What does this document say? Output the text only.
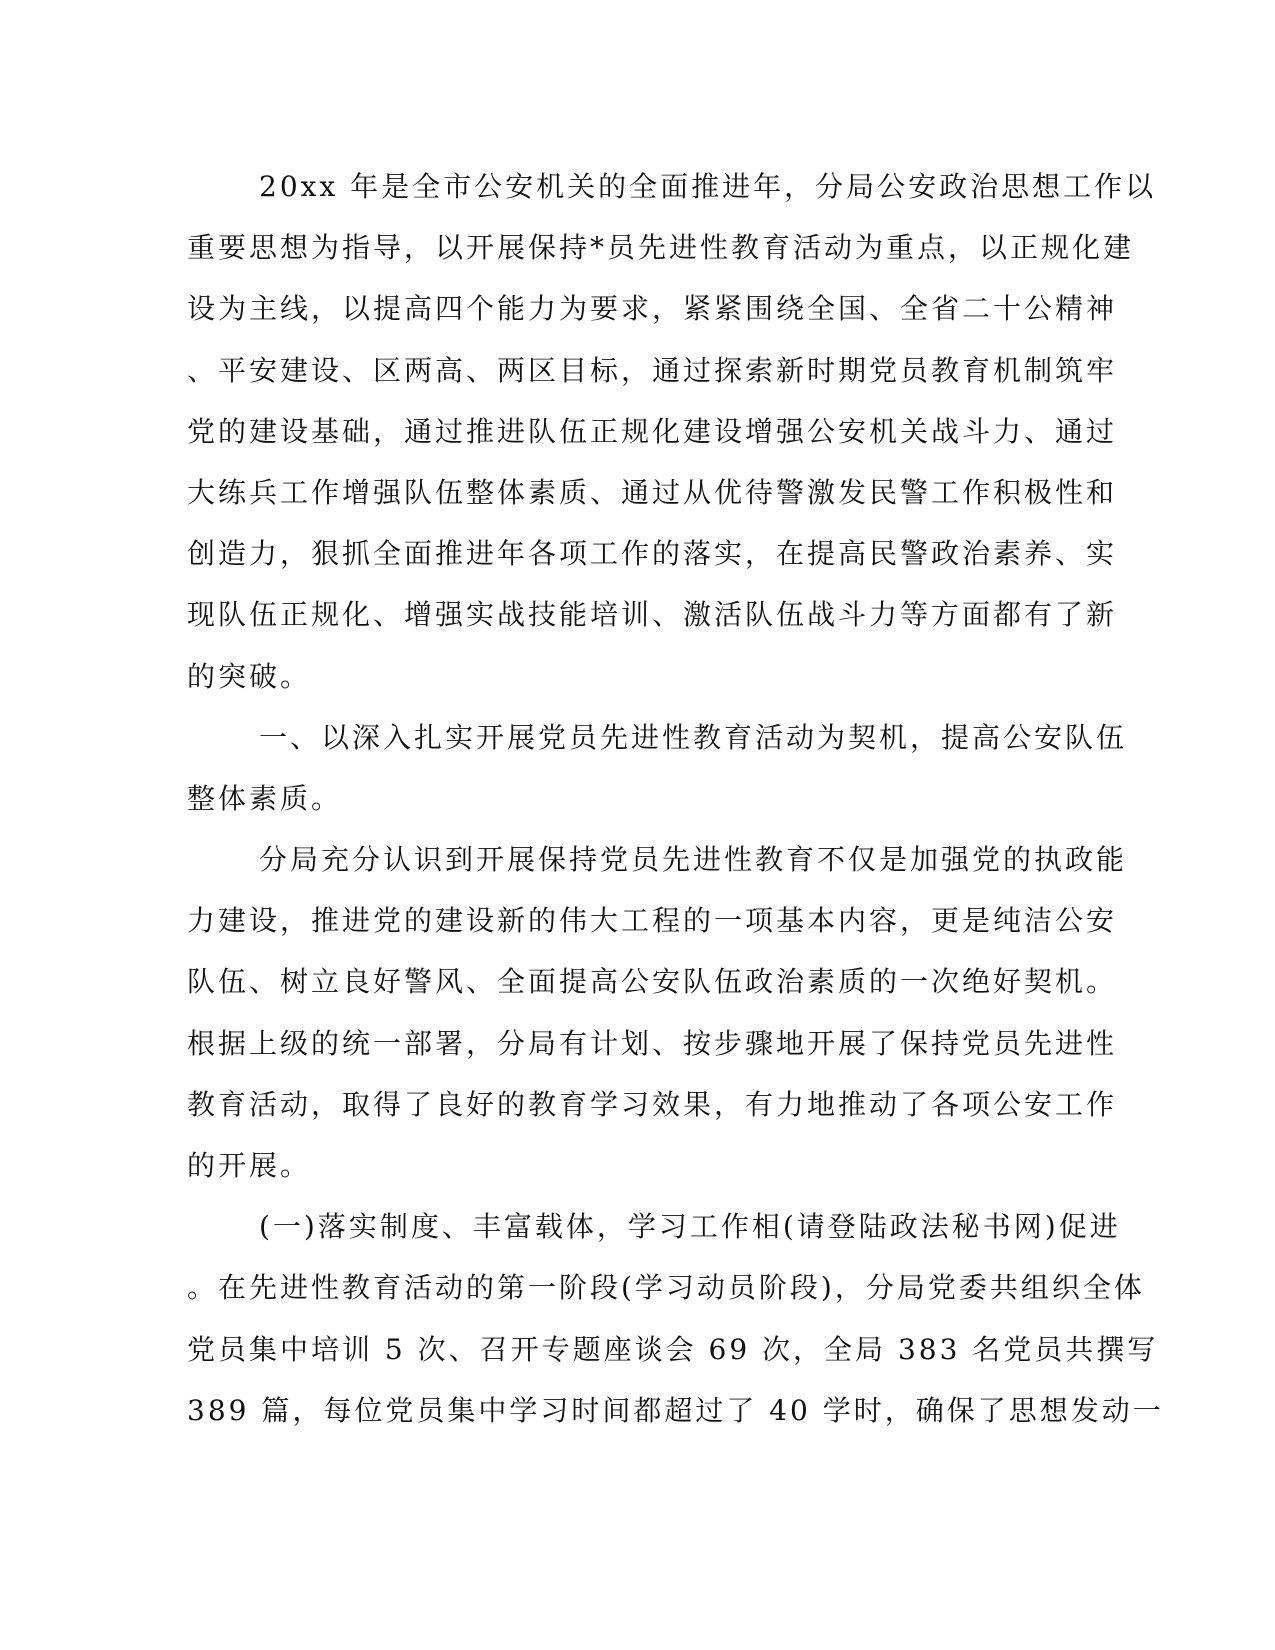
20xx 年是全市公安机关的全面推进年，分局公安政治思想工作以
重要思想为指导，以开展保持*员先进性教育活动为重点，以正规化建
设为主线，以提高四个能力为要求，紧紧围绕全国、全省二十公精神
、平安建设、区两高、两区目标，通过探索新时期党员教育机制筑牢
党的建设基础，通过推进队伍正规化建设增强公安机关战斗力、通过
大练兵工作增强队伍整体素质、通过从优待警激发民警工作积极性和
创造力，狠抓全面推进年各项工作的落实，在提高民警政治素养、实
现队伍正规化、增强实战技能培训、激活队伍战斗力等方面都有了新
的突破。
一、以深入扎实开展党员先进性教育活动为契机，提高公安队伍
整体素质。
分局充分认识到开展保持党员先进性教育不仅是加强党的执政能
力建设，推进党的建设新的伟大工程的一项基本内容，更是纯洁公安
队伍、树立良好警风、全面提高公安队伍政治素质的一次绝好契机。
根据上级的统一部署，分局有计划、按步骤地开展了保持党员先进性
教育活动，取得了良好的教育学习效果，有力地推动了各项公安工作
的开展。
(一)落实制度、丰富载体，学习工作相(请登陆政法秘书网)促进
。在先进性教育活动的第一阶段(学习动员阶段)，分局党委共组织全体
党员集中培训 5 次、召开专题座谈会 69 次，全局 383 名党员共撰写
389 篇，每位党员集中学习时间都超过了 40 学时，确保了思想发动一
